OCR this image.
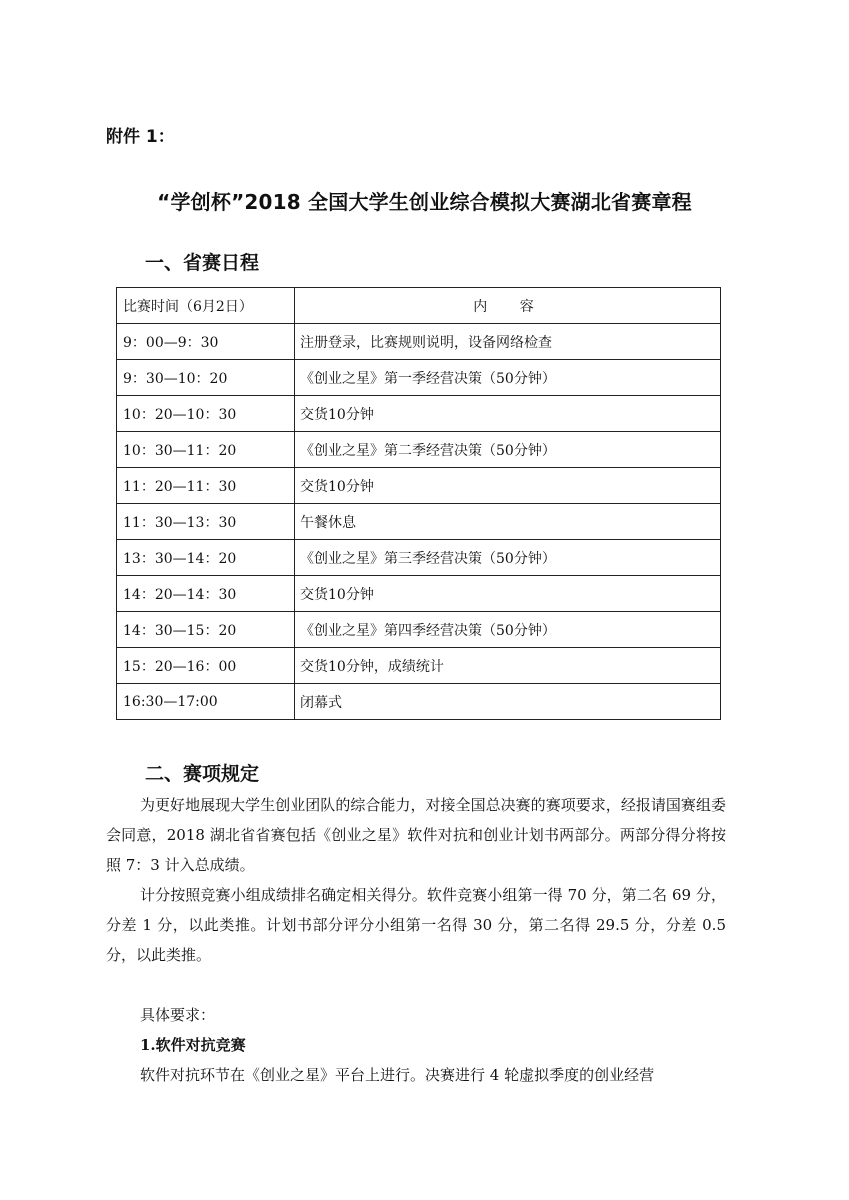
附件 1：
“学创杯”2018 全国大学生创业综合模拟大赛湖北省赛章程
一、省赛日程
比赛时间（6月2日）	内 容
9：00—9：30	注册登录，比赛规则说明，设备网络检查
9：30—10：20	《创业之星》第一季经营决策（50分钟）
10：20—10：30	交货10分钟
10：30—11：20	《创业之星》第二季经营决策（50分钟）
11：20—11：30	交货10分钟
11：30—13：30	午餐休息
13：30—14：20	《创业之星》第三季经营决策（50分钟）
14：20—14：30	交货10分钟
14：30—15：20	《创业之星》第四季经营决策（50分钟）
15：20—16：00	交货10分钟，成绩统计
16:30—17:00	闭幕式
二、赛项规定
为更好地展现大学生创业团队的综合能力，对接全国总决赛的赛项要求，经报请国赛组委会同意，2018 湖北省省赛包括《创业之星》软件对抗和创业计划书两部分。两部分得分将按照 7：3 计入总成绩。
计分按照竞赛小组成绩排名确定相关得分。软件竞赛小组第一得 70 分，第二名 69 分，分差 1 分，以此类推。计划书部分评分小组第一名得 30 分，第二名得 29.5 分，分差 0.5 分，以此类推。
具体要求：
1.软件对抗竞赛
软件对抗环节在《创业之星》平台上进行。决赛进行 4 轮虚拟季度的创业经营
